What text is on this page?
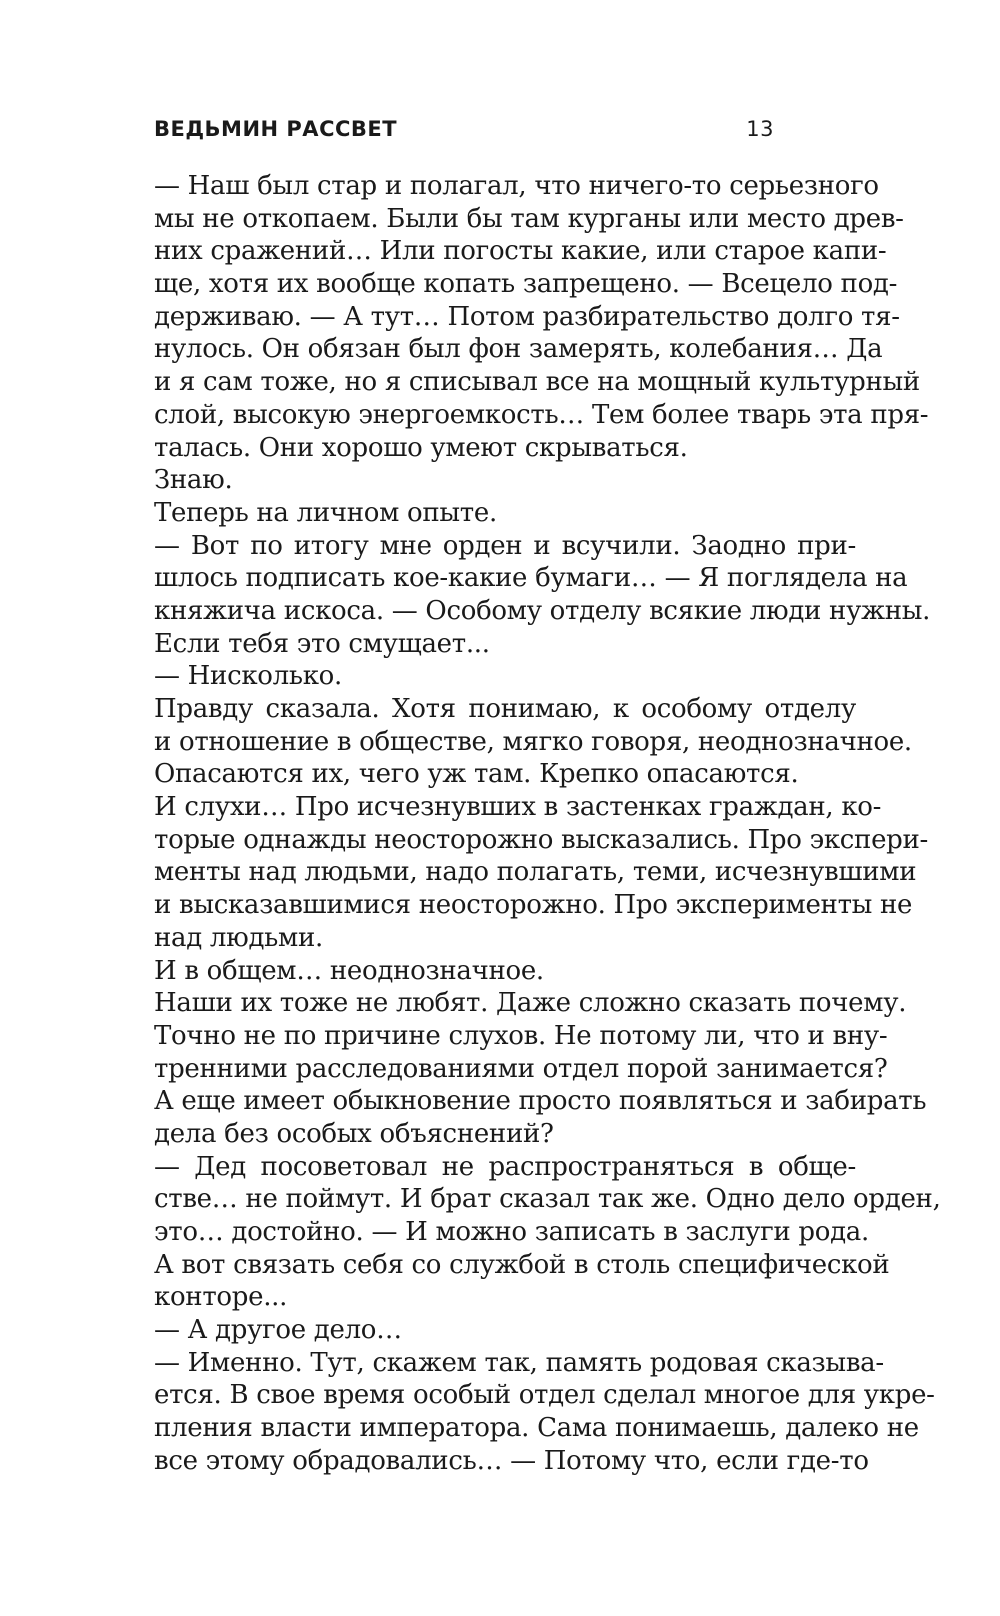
ВЕДЬМИН РАССВЕТ	13
— Наш был стар и полагал, что ничего-то серьезного
мы не откопаем. Были бы там курганы или место древ-
них сражений… Или погосты какие, или старое капи-
ще, хотя их вообще копать запрещено. — Всецело под-
держиваю. — А тут… Потом разбирательство долго тя-
нулось. Он обязан был фон замерять, колебания… Да
и я сам тоже, но я списывал все на мощный культурный
слой, высокую энергоемкость… Тем более тварь эта пря-
талась. Они хорошо умеют скрываться.
Знаю.
Теперь на личном опыте.
— Вот по итогу мне орден и всучили. Заодно при-
шлось подписать кое-какие бумаги… — Я поглядела на
княжича искоса. — Особому отделу всякие люди нужны.
Если тебя это смущает...
— Нисколько.
Правду сказала. Хотя понимаю, к особому отделу
и отношение в обществе, мягко говоря, неоднозначное.
Опасаются их, чего уж там. Крепко опасаются.
И слухи… Про исчезнувших в застенках граждан, ко-
торые однажды неосторожно высказались. Про экспери-
менты над людьми, надо полагать, теми, исчезнувшими
и высказавшимися неосторожно. Про эксперименты не
над людьми.
И в общем… неоднозначное.
Наши их тоже не любят. Даже сложно сказать почему.
Точно не по причине слухов. Не потому ли, что и вну-
тренними расследованиями отдел порой занимается?
А еще имеет обыкновение просто появляться и забирать
дела без особых объяснений?
— Дед посоветовал не распространяться в обще-
стве… не поймут. И брат сказал так же. Одно дело орден,
это… достойно. — И можно записать в заслуги рода.
А вот связать себя со службой в столь специфической
конторе...
— А другое дело…
— Именно. Тут, скажем так, память родовая сказыва-
ется. В свое время особый отдел сделал многое для укре-
пления власти императора. Сама понимаешь, далеко не
все этому обрадовались… — Потому что, если где-то
